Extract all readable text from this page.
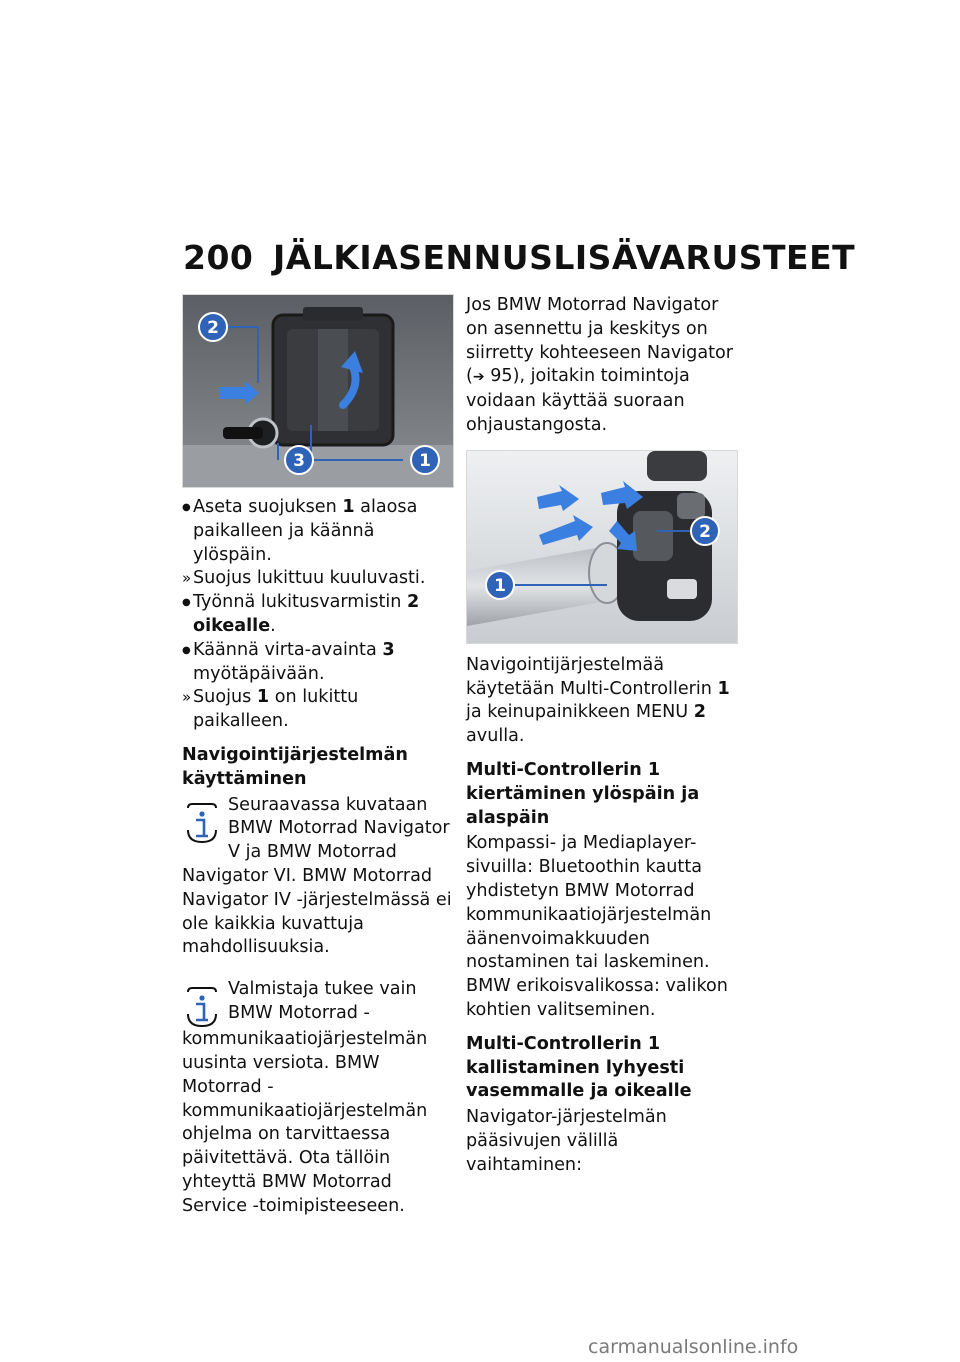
200 JÄLKIASENNUSLISÄVARUSTEET
2
3	1
●
Aseta suojuksen 1 alaosa paikalleen ja käännä ylöspäin.
»
Suojus lukittuu kuuluvasti.
●
Työnnä lukitusvarmistin 2 oikealle.
●
Käännä virta-avainta 3 myötäpäivään.
»
Suojus 1 on lukittu paikalleen.
Navigointijärjestelmän käyttäminen

Seuraavassa kuvataan BMW Motorrad Navigator V ja BMW Motorrad Navigator VI. BMW Motorrad Navigator IV -järjestelmässä ei ole kaikkia kuvattuja mahdollisuuksia.

Valmistaja tukee vain BMW Motorrad -kommunikaatiojärjestelmän uusinta versiota. BMW Motorrad -kommunikaatiojärjestelmän ohjelma on tarvittaessa päivitettävä. Ota tällöin yhteyttä BMW Motorrad Service -toimipisteeseen.

Jos BMW Motorrad Navigator on asennettu ja keskitys on siirretty kohteeseen Navigator (➔ 95), joitakin toimintoja voidaan käyttää suoraan ohjaustangosta.

1
2

Navigointijärjestelmää käytetään Multi-Controllerin 1 ja keinupainikkeen MENU 2 avulla.

Multi-Controllerin 1 kiertäminen ylöspäin ja alaspäin

Kompassi- ja Mediaplayer-sivuilla: Bluetoothin kautta yhdistetyn BMW Motorrad kommunikaatiojärjestelmän äänenvoimakkuuden nostaminen tai laskeminen.

BMW erikoisvalikossa: valikon kohtien valitseminen.

Multi-Controllerin 1 kallistaminen lyhyesti vasemmalle ja oikealle

Navigator-järjestelmän pääsivujen välillä vaihtaminen:

carmanualsonline.info
